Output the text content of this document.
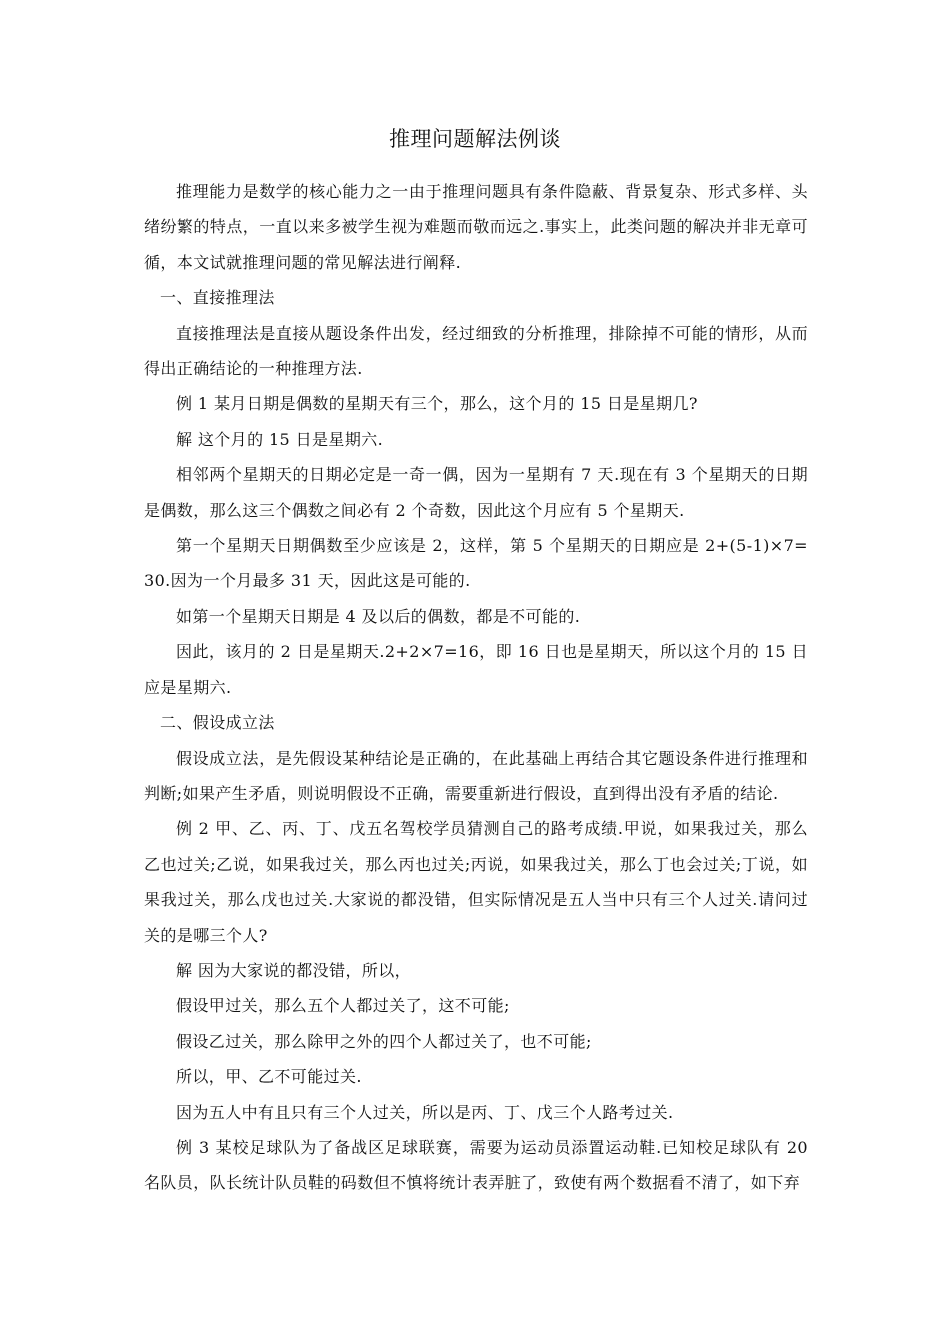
推理问题解法例谈

推理能力是数学的核心能力之一由于推理问题具有条件隐蔽、背景复杂、形式多样、头绪纷繁的特点，一直以来多被学生视为难题而敬而远之.事实上，此类问题的解决并非无章可循，本文试就推理问题的常见解法进行阐释.

一、直接推理法

直接推理法是直接从题设条件出发，经过细致的分析推理，排除掉不可能的情形，从而得出正确结论的一种推理方法.

例 1 某月日期是偶数的星期天有三个，那么，这个月的 15 日是星期几?

解 这个月的 15 日是星期六.

相邻两个星期天的日期必定是一奇一偶，因为一星期有 7 天.现在有 3 个星期天的日期是偶数，那么这三个偶数之间必有 2 个奇数，因此这个月应有 5 个星期天.

第一个星期天日期偶数至少应该是 2，这样，第 5 个星期天的日期应是 2+(5-1)×7= 30.因为一个月最多 31 天，因此这是可能的.

如第一个星期天日期是 4 及以后的偶数，都是不可能的.

因此，该月的 2 日是星期天.2+2×7=16，即 16 日也是星期天，所以这个月的 15 日应是星期六.

二、假设成立法

假设成立法，是先假设某种结论是正确的，在此基础上再结合其它题设条件进行推理和判断;如果产生矛盾，则说明假设不正确，需要重新进行假设，直到得出没有矛盾的结论.

例 2 甲、乙、丙、丁、戊五名驾校学员猜测自己的路考成绩.甲说，如果我过关，那么乙也过关;乙说，如果我过关，那么丙也过关;丙说，如果我过关，那么丁也会过关;丁说，如果我过关，那么戊也过关.大家说的都没错，但实际情况是五人当中只有三个人过关.请问过关的是哪三个人?

解 因为大家说的都没错，所以，

假设甲过关，那么五个人都过关了，这不可能;

假设乙过关，那么除甲之外的四个人都过关了，也不可能;

所以，甲、乙不可能过关.

因为五人中有且只有三个人过关，所以是丙、丁、戊三个人路考过关.

例 3 某校足球队为了备战区足球联赛，需要为运动员添置运动鞋.已知校足球队有 20 名队员，队长统计队员鞋的码数但不慎将统计表弄脏了，致使有两个数据看不清了，如下弃
